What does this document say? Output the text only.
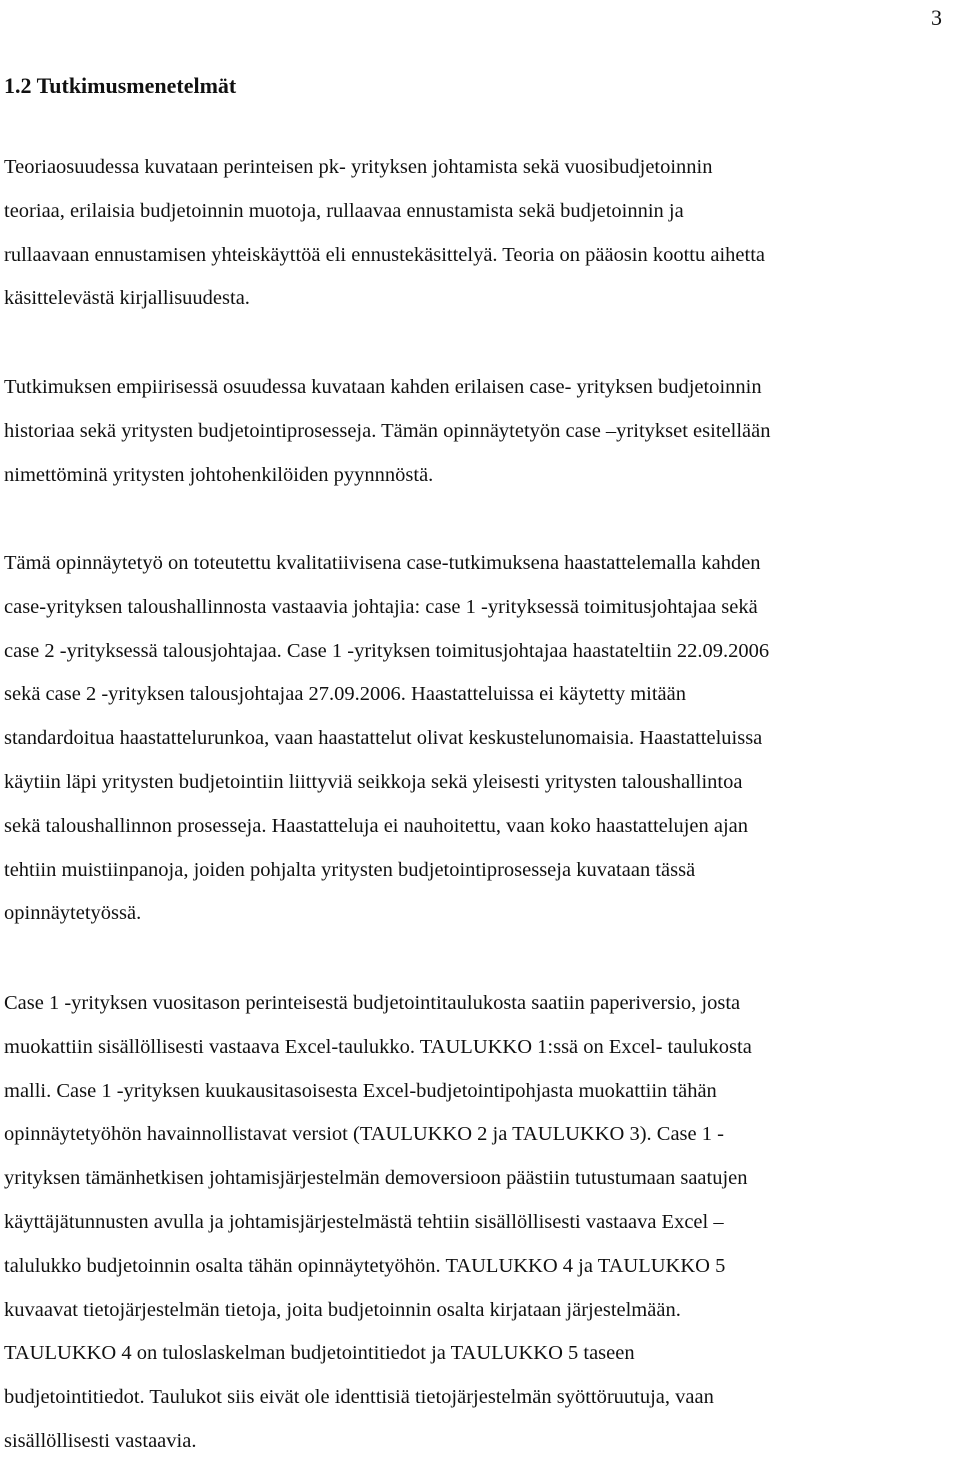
3
1.2 Tutkimusmenetelmät
Teoriaosuudessa kuvataan perinteisen pk- yrityksen johtamista sekä vuosibudjetoinnin
teoriaa, erilaisia budjetoinnin muotoja, rullaavaa ennustamista sekä budjetoinnin ja
rullaavaan ennustamisen yhteiskäyttöä eli ennustekäsittelyä. Teoria on pääosin koottu aihetta
käsittelevästä kirjallisuudesta.
Tutkimuksen empiirisessä osuudessa kuvataan kahden erilaisen case- yrityksen budjetoinnin
historiaa sekä yritysten budjetointiprosesseja. Tämän opinnäytetyön case –yritykset esitellään
nimettöminä yritysten johtohenkilöiden pyynnnöstä.
Tämä opinnäytetyö on toteutettu kvalitatiivisena case-tutkimuksena haastattelemalla kahden
case-yrityksen taloushallinnosta vastaavia johtajia: case 1 -yrityksessä toimitusjohtajaa sekä
case 2 -yrityksessä talousjohtajaa. Case 1 -yrityksen toimitusjohtajaa haastateltiin 22.09.2006
sekä case 2 -yrityksen talousjohtajaa 27.09.2006. Haastatteluissa ei käytetty mitään
standardoitua haastattelurunkoa, vaan haastattelut olivat keskustelunomaisia. Haastatteluissa
käytiin läpi yritysten budjetointiin liittyviä seikkoja sekä yleisesti yritysten taloushallintoa
sekä taloushallinnon prosesseja. Haastatteluja ei nauhoitettu, vaan koko haastattelujen ajan
tehtiin muistiinpanoja, joiden pohjalta yritysten budjetointiprosesseja kuvataan tässä
opinnäytetyössä.
Case 1 -yrityksen vuositason perinteisestä budjetointitaulukosta saatiin paperiversio, josta
muokattiin sisällöllisesti vastaava Excel-taulukko. TAULUKKO 1:ssä on Excel- taulukosta
malli. Case 1 -yrityksen kuukausitasoisesta Excel-budjetointipohjasta muokattiin tähän
opinnäytetyöhön havainnollistavat versiot (TAULUKKO 2 ja TAULUKKO 3). Case 1 -
yrityksen tämänhetkisen johtamisjärjestelmän demoversioon päästiin tutustumaan saatujen
käyttäjätunnusten avulla ja johtamisjärjestelmästä tehtiin sisällöllisesti vastaava Excel –
talulukko budjetoinnin osalta tähän opinnäytetyöhön. TAULUKKO 4 ja TAULUKKO 5
kuvaavat tietojärjestelmän tietoja, joita budjetoinnin osalta kirjataan järjestelmään.
TAULUKKO 4 on tuloslaskelman budjetointitiedot ja TAULUKKO 5 taseen
budjetointitiedot. Taulukot siis eivät ole identtisiä tietojärjestelmän syöttöruutuja, vaan
sisällöllisesti vastaavia.
